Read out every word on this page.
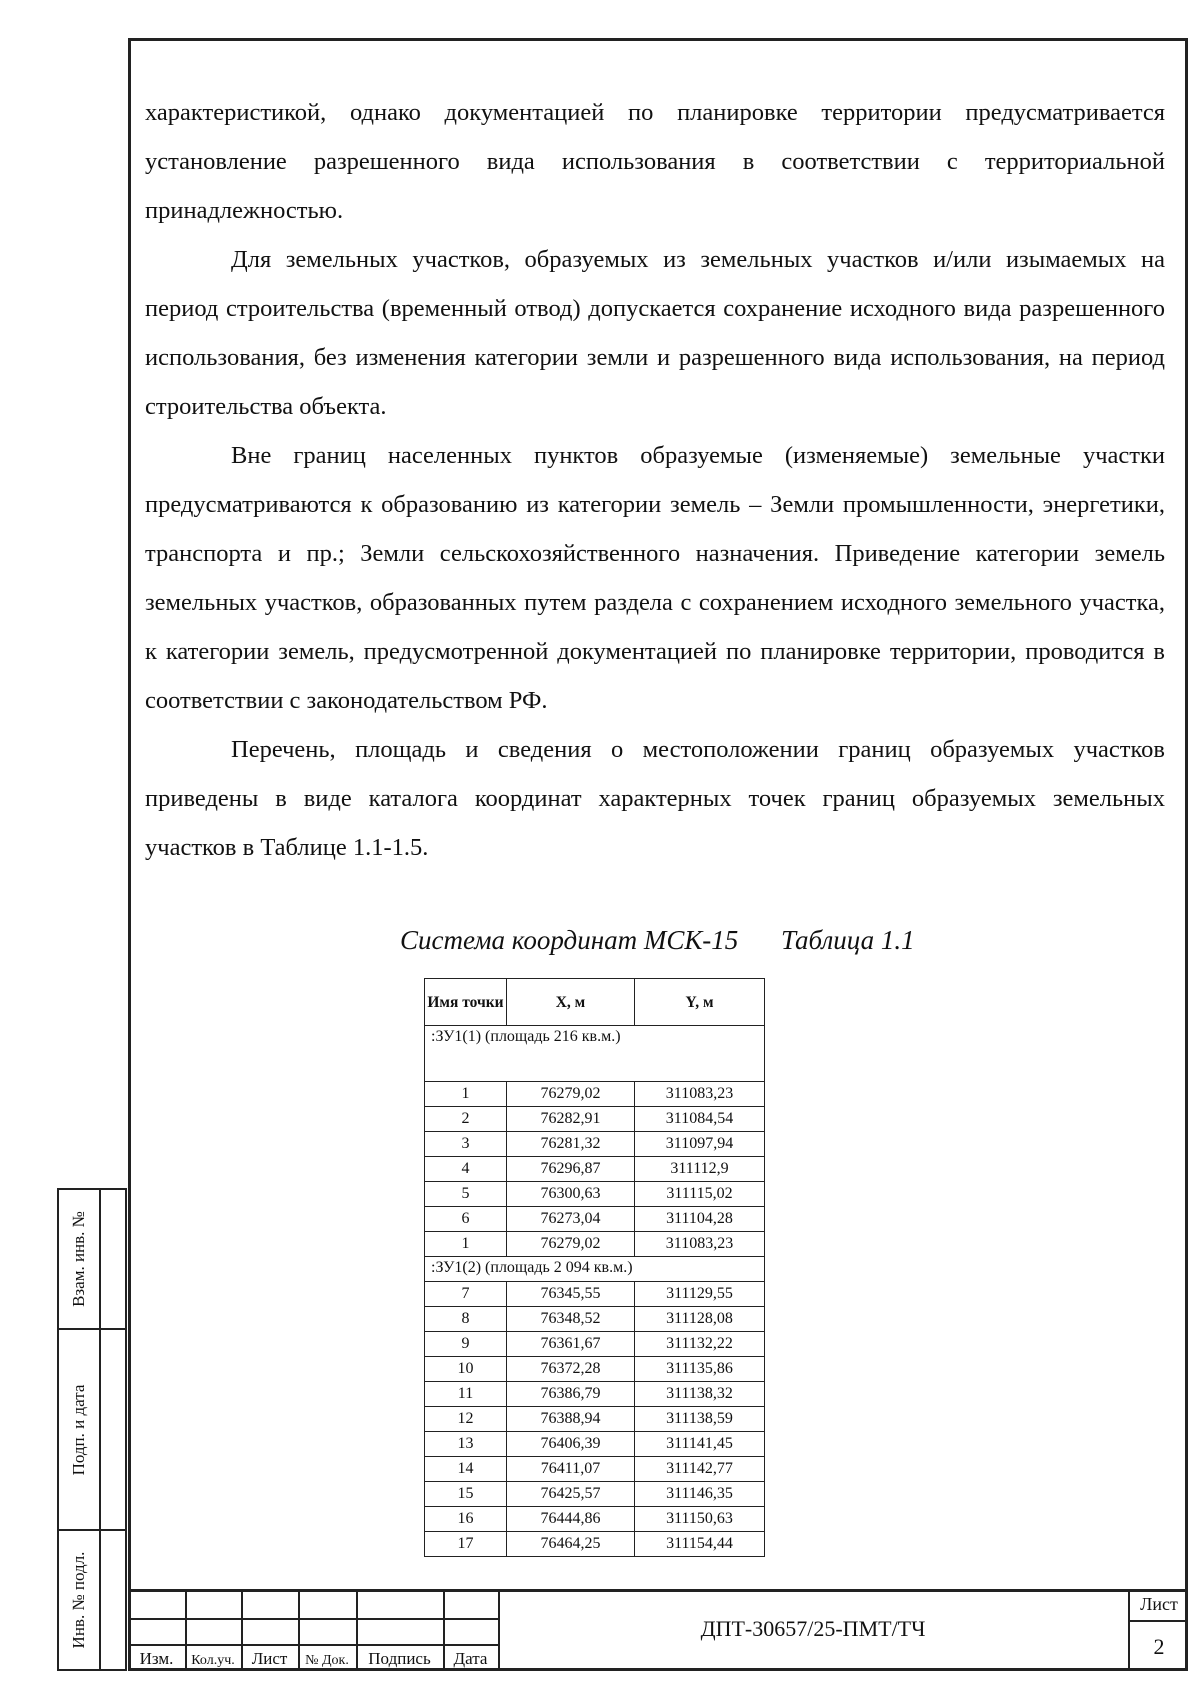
характеристикой, однако документацией по планировке территории предусматривается установление разрешенного вида использования в соответствии с территориальной принадлежностью.

Для земельных участков, образуемых из земельных участков и/или изымаемых на период строительства (временный отвод) допускается сохранение исходного вида разрешенного использования, без изменения категории земли и разрешенного вида использования, на период строительства объекта.

Вне границ населенных пунктов образуемые (изменяемые) земельные участки предусматриваются к образованию из категории земель – Земли промышленности, энергетики, транспорта и пр.; Земли сельскохозяйственного назначения. Приведение категории земель земельных участков, образованных путем раздела с сохранением исходного земельного участка, к категории земель, предусмотренной документацией по планировке территории, проводится в соответствии с законодательством РФ.

Перечень, площадь и сведения о местоположении границ образуемых участков приведены в виде каталога координат характерных точек границ образуемых земельных участков в Таблице 1.1-1.5.

Система координат МСК-15 Таблица 1.1
Имя точки	X, м	Y, м
:ЗУ1(1) (площадь 216 кв.м.)		
1	76279,02	311083,23
2	76282,91	311084,54
3	76281,32	311097,94
4	76296,87	311112,9
5	76300,63	311115,02
6	76273,04	311104,28
1	76279,02	311083,23
:ЗУ1(2) (площадь 2 094 кв.м.)		
7	76345,55	311129,55
8	76348,52	311128,08
9	76361,67	311132,22
10	76372,28	311135,86
11	76386,79	311138,32
12	76388,94	311138,59
13	76406,39	311141,45
14	76411,07	311142,77
15	76425,57	311146,35
16	76444,86	311150,63
17	76464,25	311154,44
Взам. инв. №
Подп. и дата
Инв. № подл.
Изм.	Кол.уч. Лист	№ Док.	Подпись	Дата
ДПТ-30657/25-ПМТ/ТЧ
Лист
2
